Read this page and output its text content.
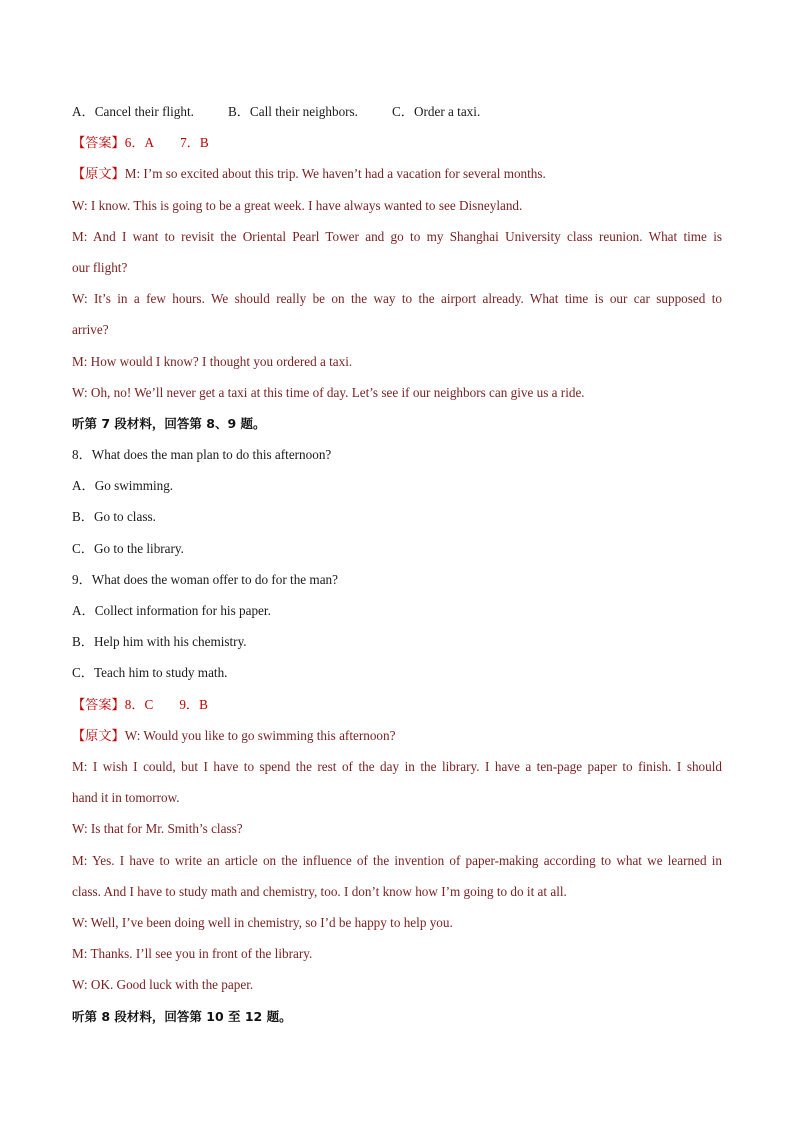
A．Cancel their flight.	B．Call their neighbors.	C．Order a taxi.
【答案】6．A 7．B
【原文】M: I’m so excited about this trip. We haven’t had a vacation for several months.
W: I know. This is going to be a great week. I have always wanted to see Disneyland.
M: And I want to revisit the Oriental Pearl Tower and go to my Shanghai University class reunion. What time is
our flight?
W: It’s in a few hours. We should really be on the way to the airport already. What time is our car supposed to
arrive?
M: How would I know? I thought you ordered a taxi.
W: Oh, no! We’ll never get a taxi at this time of day. Let’s see if our neighbors can give us a ride.
听第 7 段材料，回答第 8、9 题。
8．What does the man plan to do this afternoon?
A．Go swimming.
B．Go to class.
C．Go to the library.
9．What does the woman offer to do for the man?
A．Collect information for his paper.
B．Help him with his chemistry.
C．Teach him to study math.
【答案】8．C 9．B
【原文】W: Would you like to go swimming this afternoon?
M: I wish I could, but I have to spend the rest of the day in the library. I have a ten-page paper to finish. I should
hand it in tomorrow.
W: Is that for Mr. Smith’s class?
M: Yes. I have to write an article on the influence of the invention of paper-making according to what we learned in
class. And I have to study math and chemistry, too. I don’t know how I’m going to do it at all.
W: Well, I’ve been doing well in chemistry, so I’d be happy to help you.
M: Thanks. I’ll see you in front of the library.
W: OK. Good luck with the paper.
听第 8 段材料，回答第 10 至 12 题。
